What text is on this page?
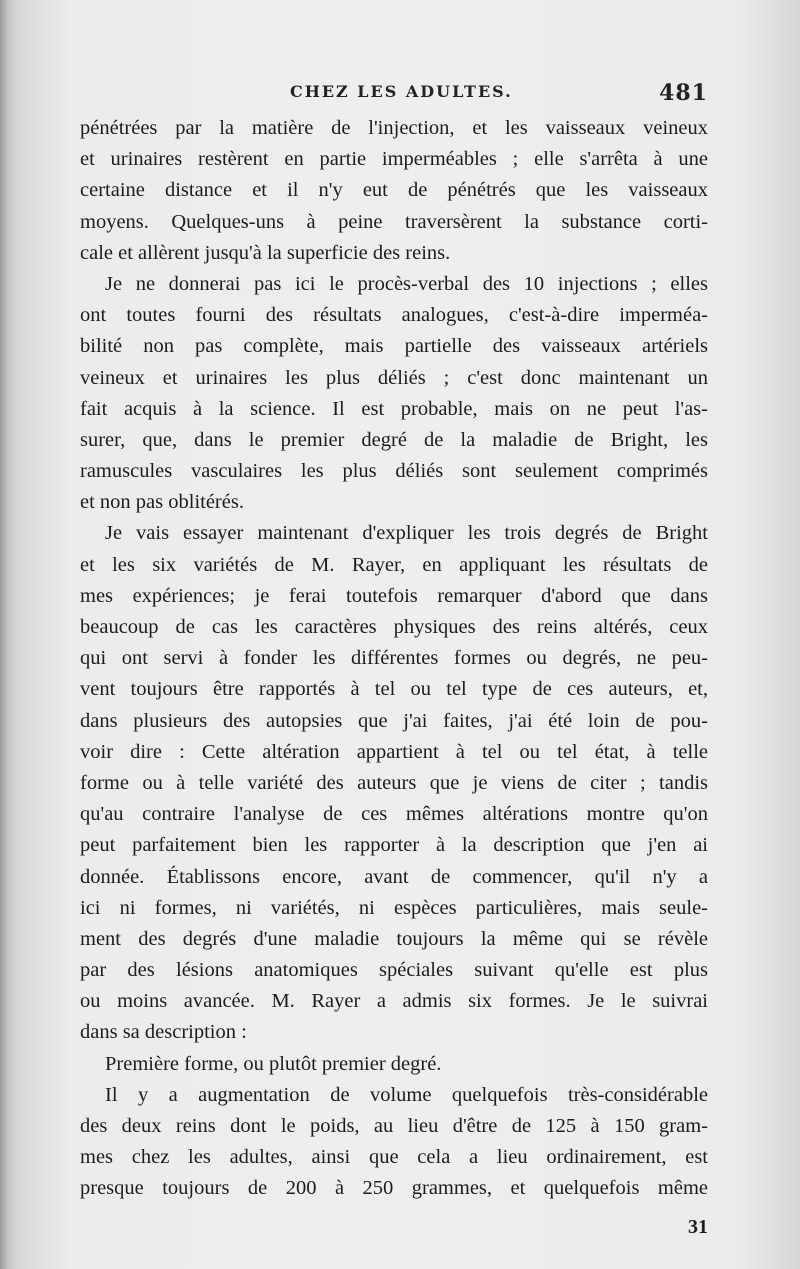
CHEZ LES ADULTES.	481
pénétrées par la matière de l'injection, et les vaisseaux veineux
et urinaires restèrent en partie imperméables ; elle s'arrêta à une
certaine distance et il n'y eut de pénétrés que les vaisseaux
moyens. Quelques-uns à peine traversèrent la substance corti-
cale et allèrent jusqu'à la superficie des reins.
Je ne donnerai pas ici le procès-verbal des 10 injections ; elles
ont toutes fourni des résultats analogues, c'est-à-dire imperméa-
bilité non pas complète, mais partielle des vaisseaux artériels
veineux et urinaires les plus déliés ; c'est donc maintenant un
fait acquis à la science. Il est probable, mais on ne peut l'as-
surer, que, dans le premier degré de la maladie de Bright, les
ramuscules vasculaires les plus déliés sont seulement comprimés
et non pas oblitérés.
Je vais essayer maintenant d'expliquer les trois degrés de Bright
et les six variétés de M. Rayer, en appliquant les résultats de
mes expériences; je ferai toutefois remarquer d'abord que dans
beaucoup de cas les caractères physiques des reins altérés, ceux
qui ont servi à fonder les différentes formes ou degrés, ne peu-
vent toujours être rapportés à tel ou tel type de ces auteurs, et,
dans plusieurs des autopsies que j'ai faites, j'ai été loin de pou-
voir dire : Cette altération appartient à tel ou tel état, à telle
forme ou à telle variété des auteurs que je viens de citer ; tandis
qu'au contraire l'analyse de ces mêmes altérations montre qu'on
peut parfaitement bien les rapporter à la description que j'en ai
donnée. Établissons encore, avant de commencer, qu'il n'y a
ici ni formes, ni variétés, ni espèces particulières, mais seule-
ment des degrés d'une maladie toujours la même qui se révèle
par des lésions anatomiques spéciales suivant qu'elle est plus
ou moins avancée. M. Rayer a admis six formes. Je le suivrai
dans sa description :
Première forme, ou plutôt premier degré.
Il y a augmentation de volume quelquefois très-considérable
des deux reins dont le poids, au lieu d'être de 125 à 150 gram-
mes chez les adultes, ainsi que cela a lieu ordinairement, est
presque toujours de 200 à 250 grammes, et quelquefois même
31
